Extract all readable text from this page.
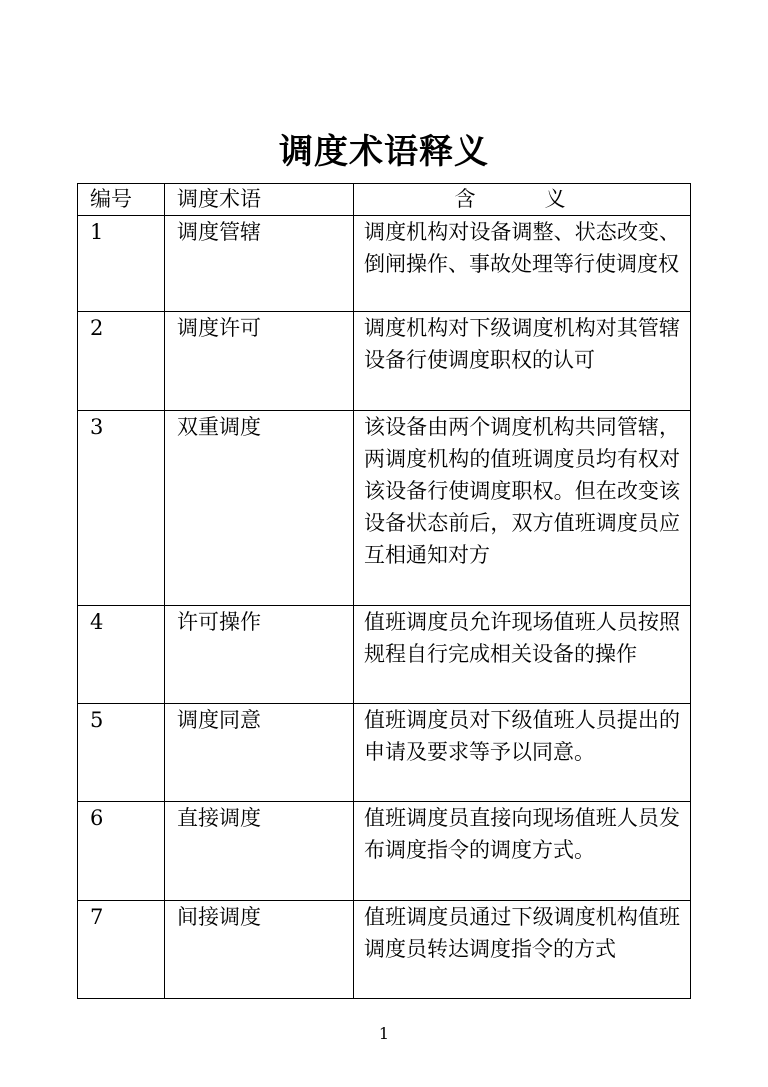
调度术语释义
编号	调度术语	含　义
1	调度管辖	调度机构对设备调整、状态改变、倒闸操作、事故处理等行使调度权
2	调度许可	调度机构对下级调度机构对其管辖设备行使调度职权的认可
3	双重调度	该设备由两个调度机构共同管辖，两调度机构的值班调度员均有权对该设备行使调度职权。但在改变该设备状态前后，双方值班调度员应互相通知对方
4	许可操作	值班调度员允许现场值班人员按照规程自行完成相关设备的操作
5	调度同意	值班调度员对下级值班人员提出的申请及要求等予以同意。
6	直接调度	值班调度员直接向现场值班人员发布调度指令的调度方式。
7	间接调度	值班调度员通过下级调度机构值班调度员转达调度指令的方式
1
